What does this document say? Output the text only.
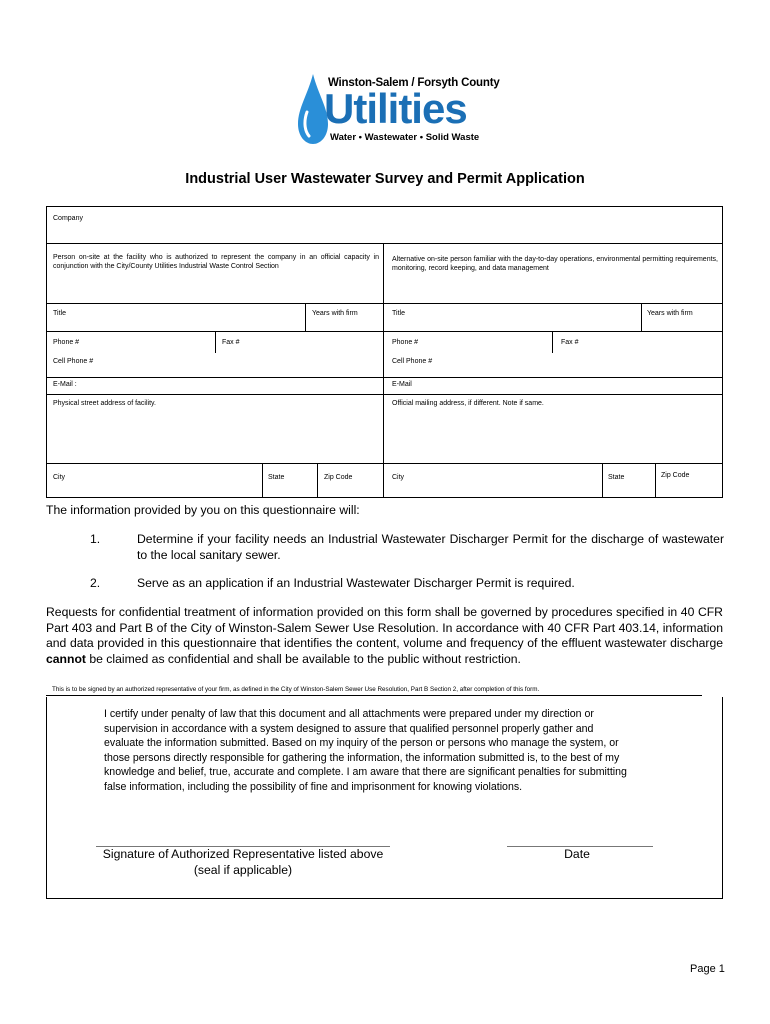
Winston-Salem / Forsyth County
Utilities
Water • Wastewater • Solid Waste
Industrial User Wastewater Survey and Permit Application
Company
Person on-site at the facility who is authorized to represent the company in an official capacity in conjunction with the City/County Utilities Industrial Waste Control Section
Alternative on-site person familiar with the day-to-day operations, environmental permitting requirements, monitoring, record keeping, and data management
Title	Years with firm	Title	Years with firm
Phone #	Fax #	Phone #	Fax #
Cell Phone #	Cell Phone #
E-Mail :	E-Mail
Physical street address of facility.	Official mailing address, if different. Note if same.
City	State	Zip Code	City	State	Zip Code
The information provided by you on this questionnaire will:
1.	Determine if your facility needs an Industrial Wastewater Discharger Permit for the discharge of wastewater to the local sanitary sewer.
2.	Serve as an application if an Industrial Wastewater Discharger Permit is required.
Requests for confidential treatment of information provided on this form shall be governed by procedures specified in 40 CFR Part 403 and Part B of the City of Winston-Salem Sewer Use Resolution. In accordance with 40 CFR Part 403.14, information and data provided in this questionnaire that identifies the content, volume and frequency of the effluent wastewater discharge cannot be claimed as confidential and shall be available to the public without restriction.
This is to be signed by an authorized representative of your firm, as defined in the City of Winston-Salem Sewer Use Resolution, Part B Section 2, after completion of this form.
I certify under penalty of law that this document and all attachments were prepared under my direction or
supervision in accordance with a system designed to assure that qualified personnel properly gather and
evaluate the information submitted. Based on my inquiry of the person or persons who manage the system, or
those persons directly responsible for gathering the information, the information submitted is, to the best of my
knowledge and belief, true, accurate and complete. I am aware that there are significant penalties for submitting
false information, including the possibility of fine and imprisonment for knowing violations.
Signature of Authorized Representative listed above
(seal if applicable)
Date
Page 1
